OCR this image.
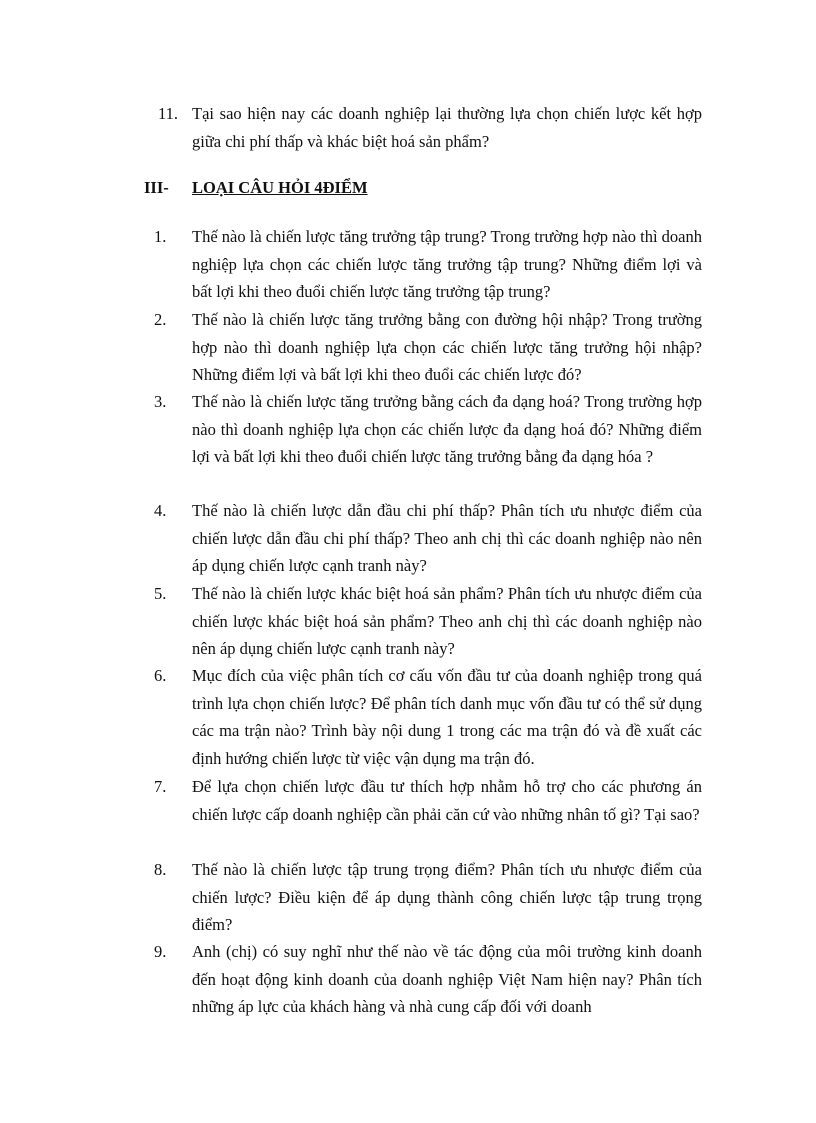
11. Tại sao hiện nay các doanh nghiệp lại thường lựa chọn chiến lược kết hợp giữa chi phí thấp và khác biệt hoá sản phẩm?
III- LOẠI CÂU HỎI 4ĐIỂM
1.	Thế nào là chiến lược tăng trưởng tập trung? Trong trường hợp nào thì doanh nghiệp lựa chọn các chiến lược tăng trưởng tập trung? Những điểm lợi và bất lợi khi theo đuổi chiến lược tăng trưởng tập trung?
2.	Thế nào là chiến lược tăng trưởng bằng con đường hội nhập? Trong trường hợp nào thì doanh nghiệp lựa chọn các chiến lược tăng trưởng hội nhập? Những điểm lợi và bất lợi khi theo đuổi các chiến lược đó?
3.	Thế nào là chiến lược tăng trưởng bằng cách đa dạng hoá? Trong trường hợp nào thì doanh nghiệp lựa chọn các chiến lược đa dạng hoá đó? Những điểm lợi và bất lợi khi theo đuổi chiến lược tăng trưởng bằng đa dạng hóa ?
4.	Thế nào là chiến lược dẫn đầu chi phí thấp? Phân tích ưu nhược điểm của chiến lược dẫn đầu chi phí thấp? Theo anh chị thì các doanh nghiệp nào nên áp dụng chiến lược cạnh tranh này?
5.	Thế nào là chiến lược khác biệt hoá sản phẩm? Phân tích ưu nhược điểm của chiến lược khác biệt hoá sản phẩm? Theo anh chị thì các doanh nghiệp nào nên áp dụng chiến lược cạnh tranh này?
6.	Mục đích của việc phân tích cơ cấu vốn đầu tư của doanh nghiệp trong quá trình lựa chọn chiến lược? Để phân tích danh mục vốn đầu tư có thể sử dụng các ma trận nào? Trình bày nội dung 1 trong các ma trận đó và đề xuất các định hướng chiến lược từ việc vận dụng ma trận đó.
7.	Để lựa chọn chiến lược đầu tư thích hợp nhằm hỗ trợ cho các phương án chiến lược cấp doanh nghiệp cần phải căn cứ vào những nhân tố gì? Tại sao?
8.	Thế nào là chiến lược tập trung trọng điểm? Phân tích ưu nhược điểm của chiến lược? Điều kiện để áp dụng thành công chiến lược tập trung trọng điểm?
9.	Anh (chị) có suy nghĩ như thế nào về tác động của môi trường kinh doanh đến hoạt động kinh doanh của doanh nghiệp Việt Nam hiện nay? Phân tích những áp lực của khách hàng và nhà cung cấp đối với doanh
